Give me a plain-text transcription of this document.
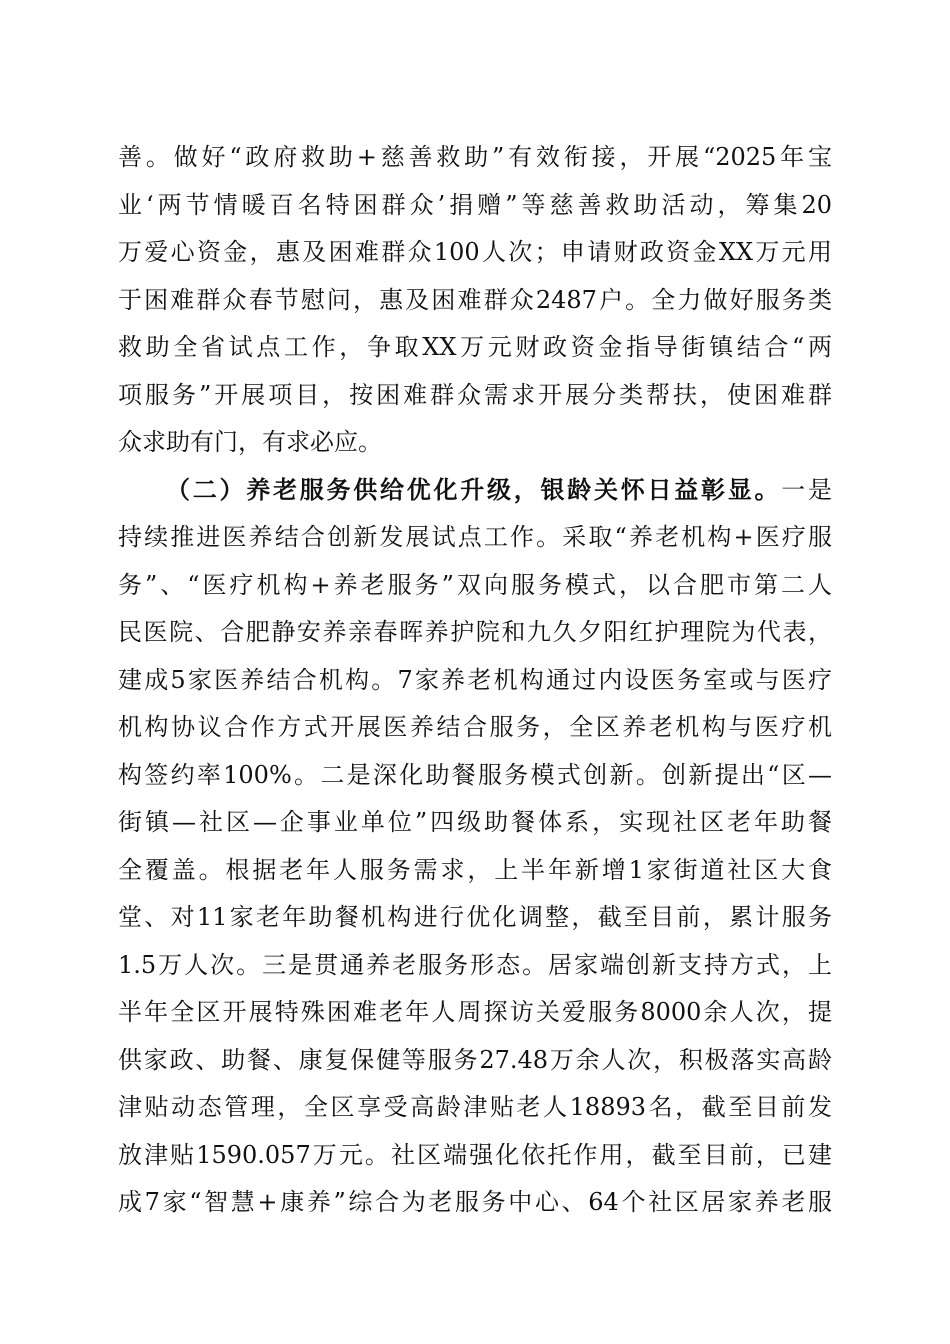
善。做好“政府救助+慈善救助”有效衔接，开展“2025年宝
业‘两节情暖百名特困群众’捐赠”等慈善救助活动，筹集20
万爱心资金，惠及困难群众100人次；申请财政资金XX万元用
于困难群众春节慰问，惠及困难群众2487户。全力做好服务类
救助全省试点工作，争取XX万元财政资金指导街镇结合“两
项服务”开展项目，按困难群众需求开展分类帮扶，使困难群
众求助有门，有求必应。
（二）养老服务供给优化升级，银龄关怀日益彰显。一是
持续推进医养结合创新发展试点工作。采取“养老机构+医疗服
务”、“医疗机构+养老服务”双向服务模式，以合肥市第二人
民医院、合肥静安养亲春晖养护院和九久夕阳红护理院为代表，
建成5家医养结合机构。7家养老机构通过内设医务室或与医疗
机构协议合作方式开展医养结合服务，全区养老机构与医疗机
构签约率100%。二是深化助餐服务模式创新。创新提出“区—
街镇—社区—企事业单位”四级助餐体系，实现社区老年助餐
全覆盖。根据老年人服务需求，上半年新增1家街道社区大食
堂、对11家老年助餐机构进行优化调整，截至目前，累计服务
1.5万人次。三是贯通养老服务形态。居家端创新支持方式，上
半年全区开展特殊困难老年人周探访关爱服务8000余人次，提
供家政、助餐、康复保健等服务27.48万余人次，积极落实高龄
津贴动态管理，全区享受高龄津贴老人18893名，截至目前发
放津贴1590.057万元。社区端强化依托作用，截至目前，已建
成7家“智慧+康养”综合为老服务中心、64个社区居家养老服
